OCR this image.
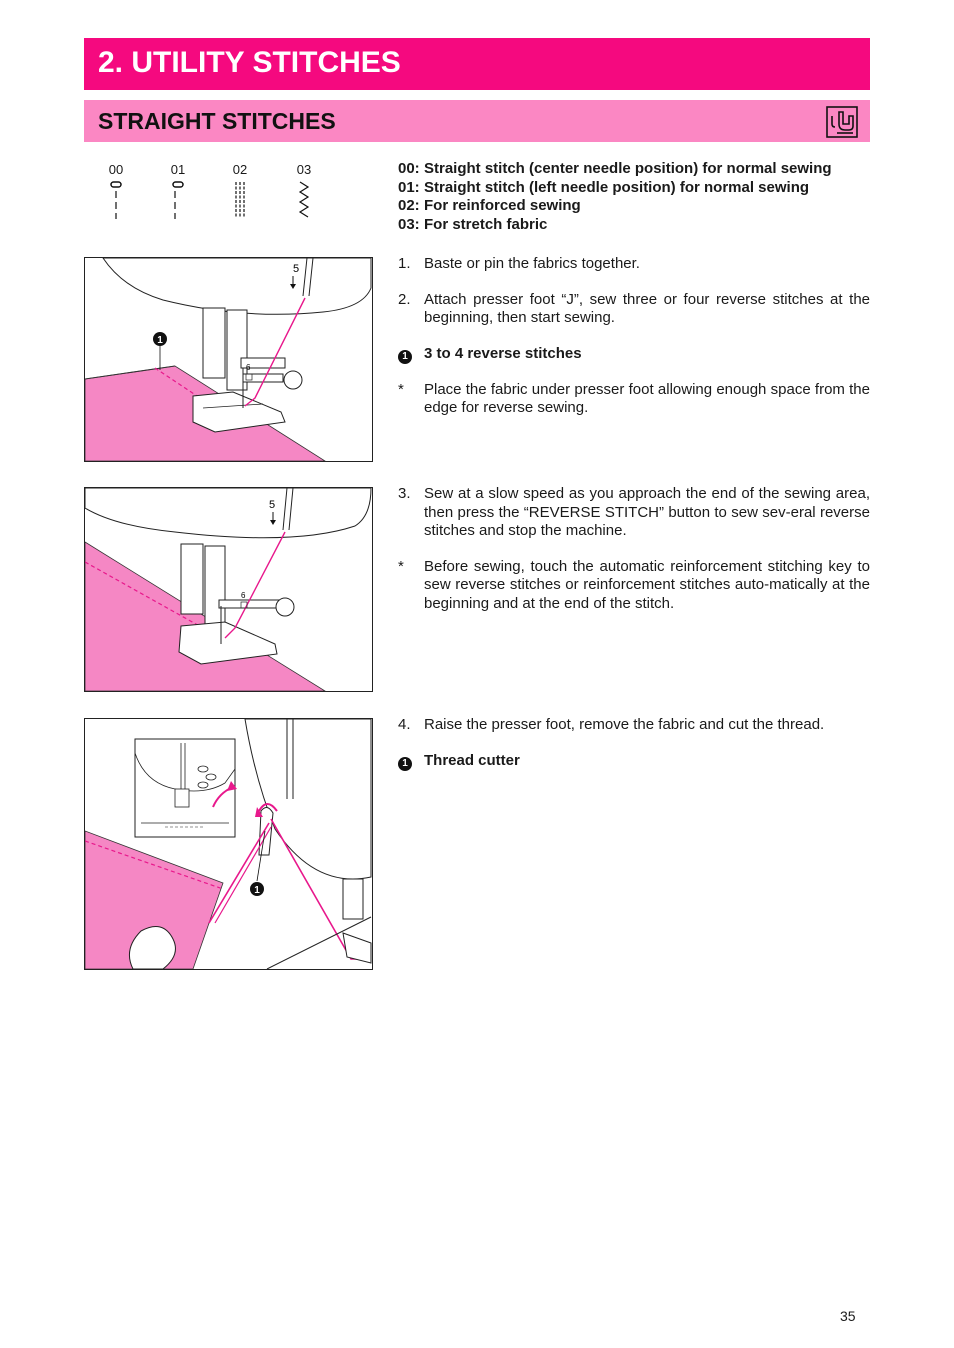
2. UTILITY STITCHES
STRAIGHT STITCHES
00	01	02	03	00: Straight stitch (center needle position) for normal sewing
01: Straight stitch (left needle position) for normal sewing
02: For reinforced sewing
03: For stretch fabric
5
6
1
5
6
1
1. Baste or pin the fabrics together.
2. Attach presser foot “J”, sew three or four reverse stitches at the beginning, then start sewing.
1	3 to 4 reverse stitches
*	Place the fabric under presser foot allowing enough space from the edge for reverse sewing.
3. Sew at a slow speed as you approach the end of the sewing area, then press the “REVERSE STITCH” button to sew sev-eral reverse stitches and stop the machine.
*	Before sewing, touch the automatic reinforcement stitching key to sew reverse stitches or reinforcement stitches auto-matically at the beginning and at the end of the stitch.
4. Raise the presser foot, remove the fabric and cut the thread.
1	Thread cutter
35
